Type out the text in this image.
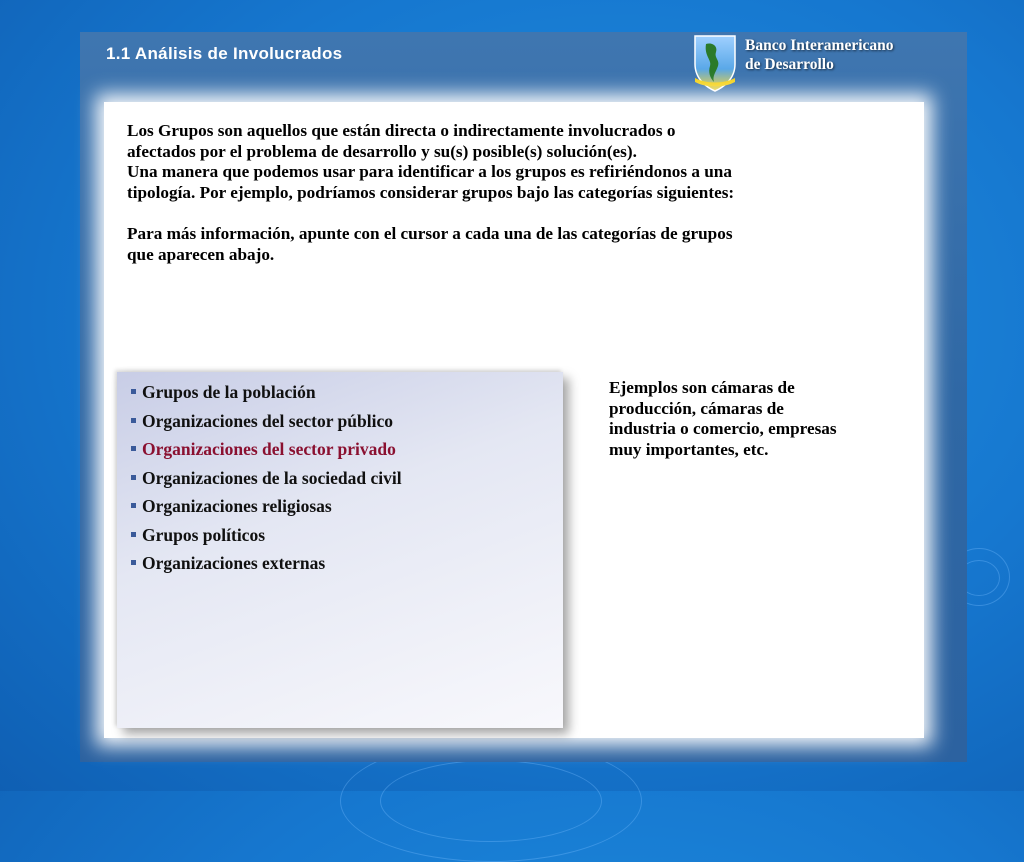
1.1 Análisis de Involucrados	Banco Interamericano
de Desarrollo

Los Grupos son aquellos que están directa o indirectamente involucrados o

afectados por el problema de desarrollo y su(s) posible(s) solución(es).

Una manera que podemos usar para identificar a los grupos es refiriéndonos a una

tipología. Por ejemplo, podríamos considerar grupos bajo las categorías siguientes:

Para más información, apunte con el cursor a cada una de las categorías de grupos

que aparecen abajo.

Grupos de la población
Organizaciones del sector público
Organizaciones del sector privado
Organizaciones de la sociedad civil
Organizaciones religiosas
Grupos políticos
Organizaciones externas
Ejemplos son cámaras de
producción, cámaras de
industria o comercio, empresas
muy importantes, etc.
